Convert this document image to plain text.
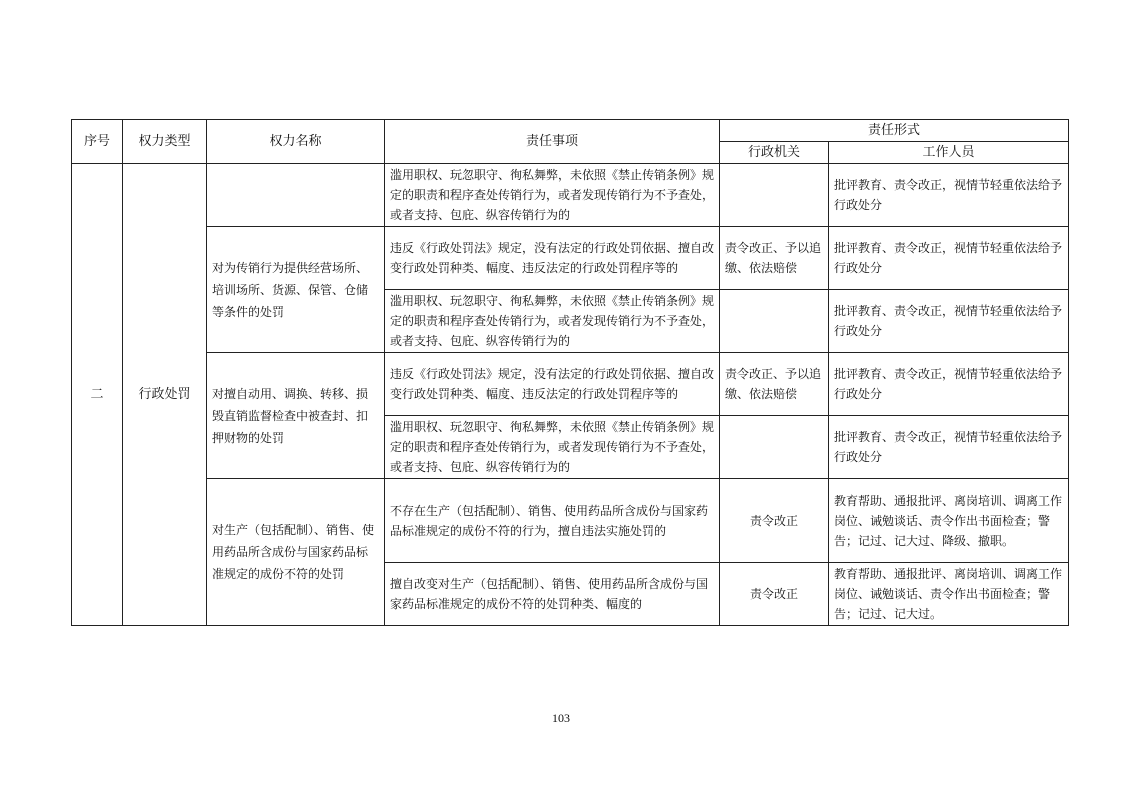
序号	权力类型	权力名称	责任事项	责任形式	
				行政机关	工作人员
二	行政处罚		滥用职权、玩忽职守、徇私舞弊，未依照《禁止传销条例》规定的职责和程序查处传销行为，或者发现传销行为不予查处，或者支持、包庇、纵容传销行为的		批评教育、责令改正，视情节轻重依法给予行政处分
		对为传销行为提供经营场所、培训场所、货源、保管、仓储等条件的处罚	违反《行政处罚法》规定，没有法定的行政处罚依据、擅自改变行政处罚种类、幅度、违反法定的行政处罚程序等的	责令改正、予以追缴、依法赔偿	批评教育、责令改正，视情节轻重依法给予行政处分
			滥用职权、玩忽职守、徇私舞弊，未依照《禁止传销条例》规定的职责和程序查处传销行为，或者发现传销行为不予查处，或者支持、包庇、纵容传销行为的		批评教育、责令改正，视情节轻重依法给予行政处分
		对擅自动用、调换、转移、损毁直销监督检查中被查封、扣押财物的处罚	违反《行政处罚法》规定，没有法定的行政处罚依据、擅自改变行政处罚种类、幅度、违反法定的行政处罚程序等的	责令改正、予以追缴、依法赔偿	批评教育、责令改正，视情节轻重依法给予行政处分
			滥用职权、玩忽职守、徇私舞弊，未依照《禁止传销条例》规定的职责和程序查处传销行为，或者发现传销行为不予查处，或者支持、包庇、纵容传销行为的		批评教育、责令改正，视情节轻重依法给予行政处分
		对生产（包括配制）、销售、使用药品所含成份与国家药品标准规定的成份不符的处罚	不存在生产（包括配制）、销售、使用药品所含成份与国家药品标准规定的成份不符的行为，擅自违法实施处罚的	责令改正	教育帮助、通报批评、离岗培训、调离工作岗位、诫勉谈话、责令作出书面检查；警告；记过、记大过、降级、撤职。
			擅自改变对生产（包括配制）、销售、使用药品所含成份与国家药品标准规定的成份不符的处罚种类、幅度的	责令改正	教育帮助、通报批评、离岗培训、调离工作岗位、诫勉谈话、责令作出书面检查；警告；记过、记大过。
103
